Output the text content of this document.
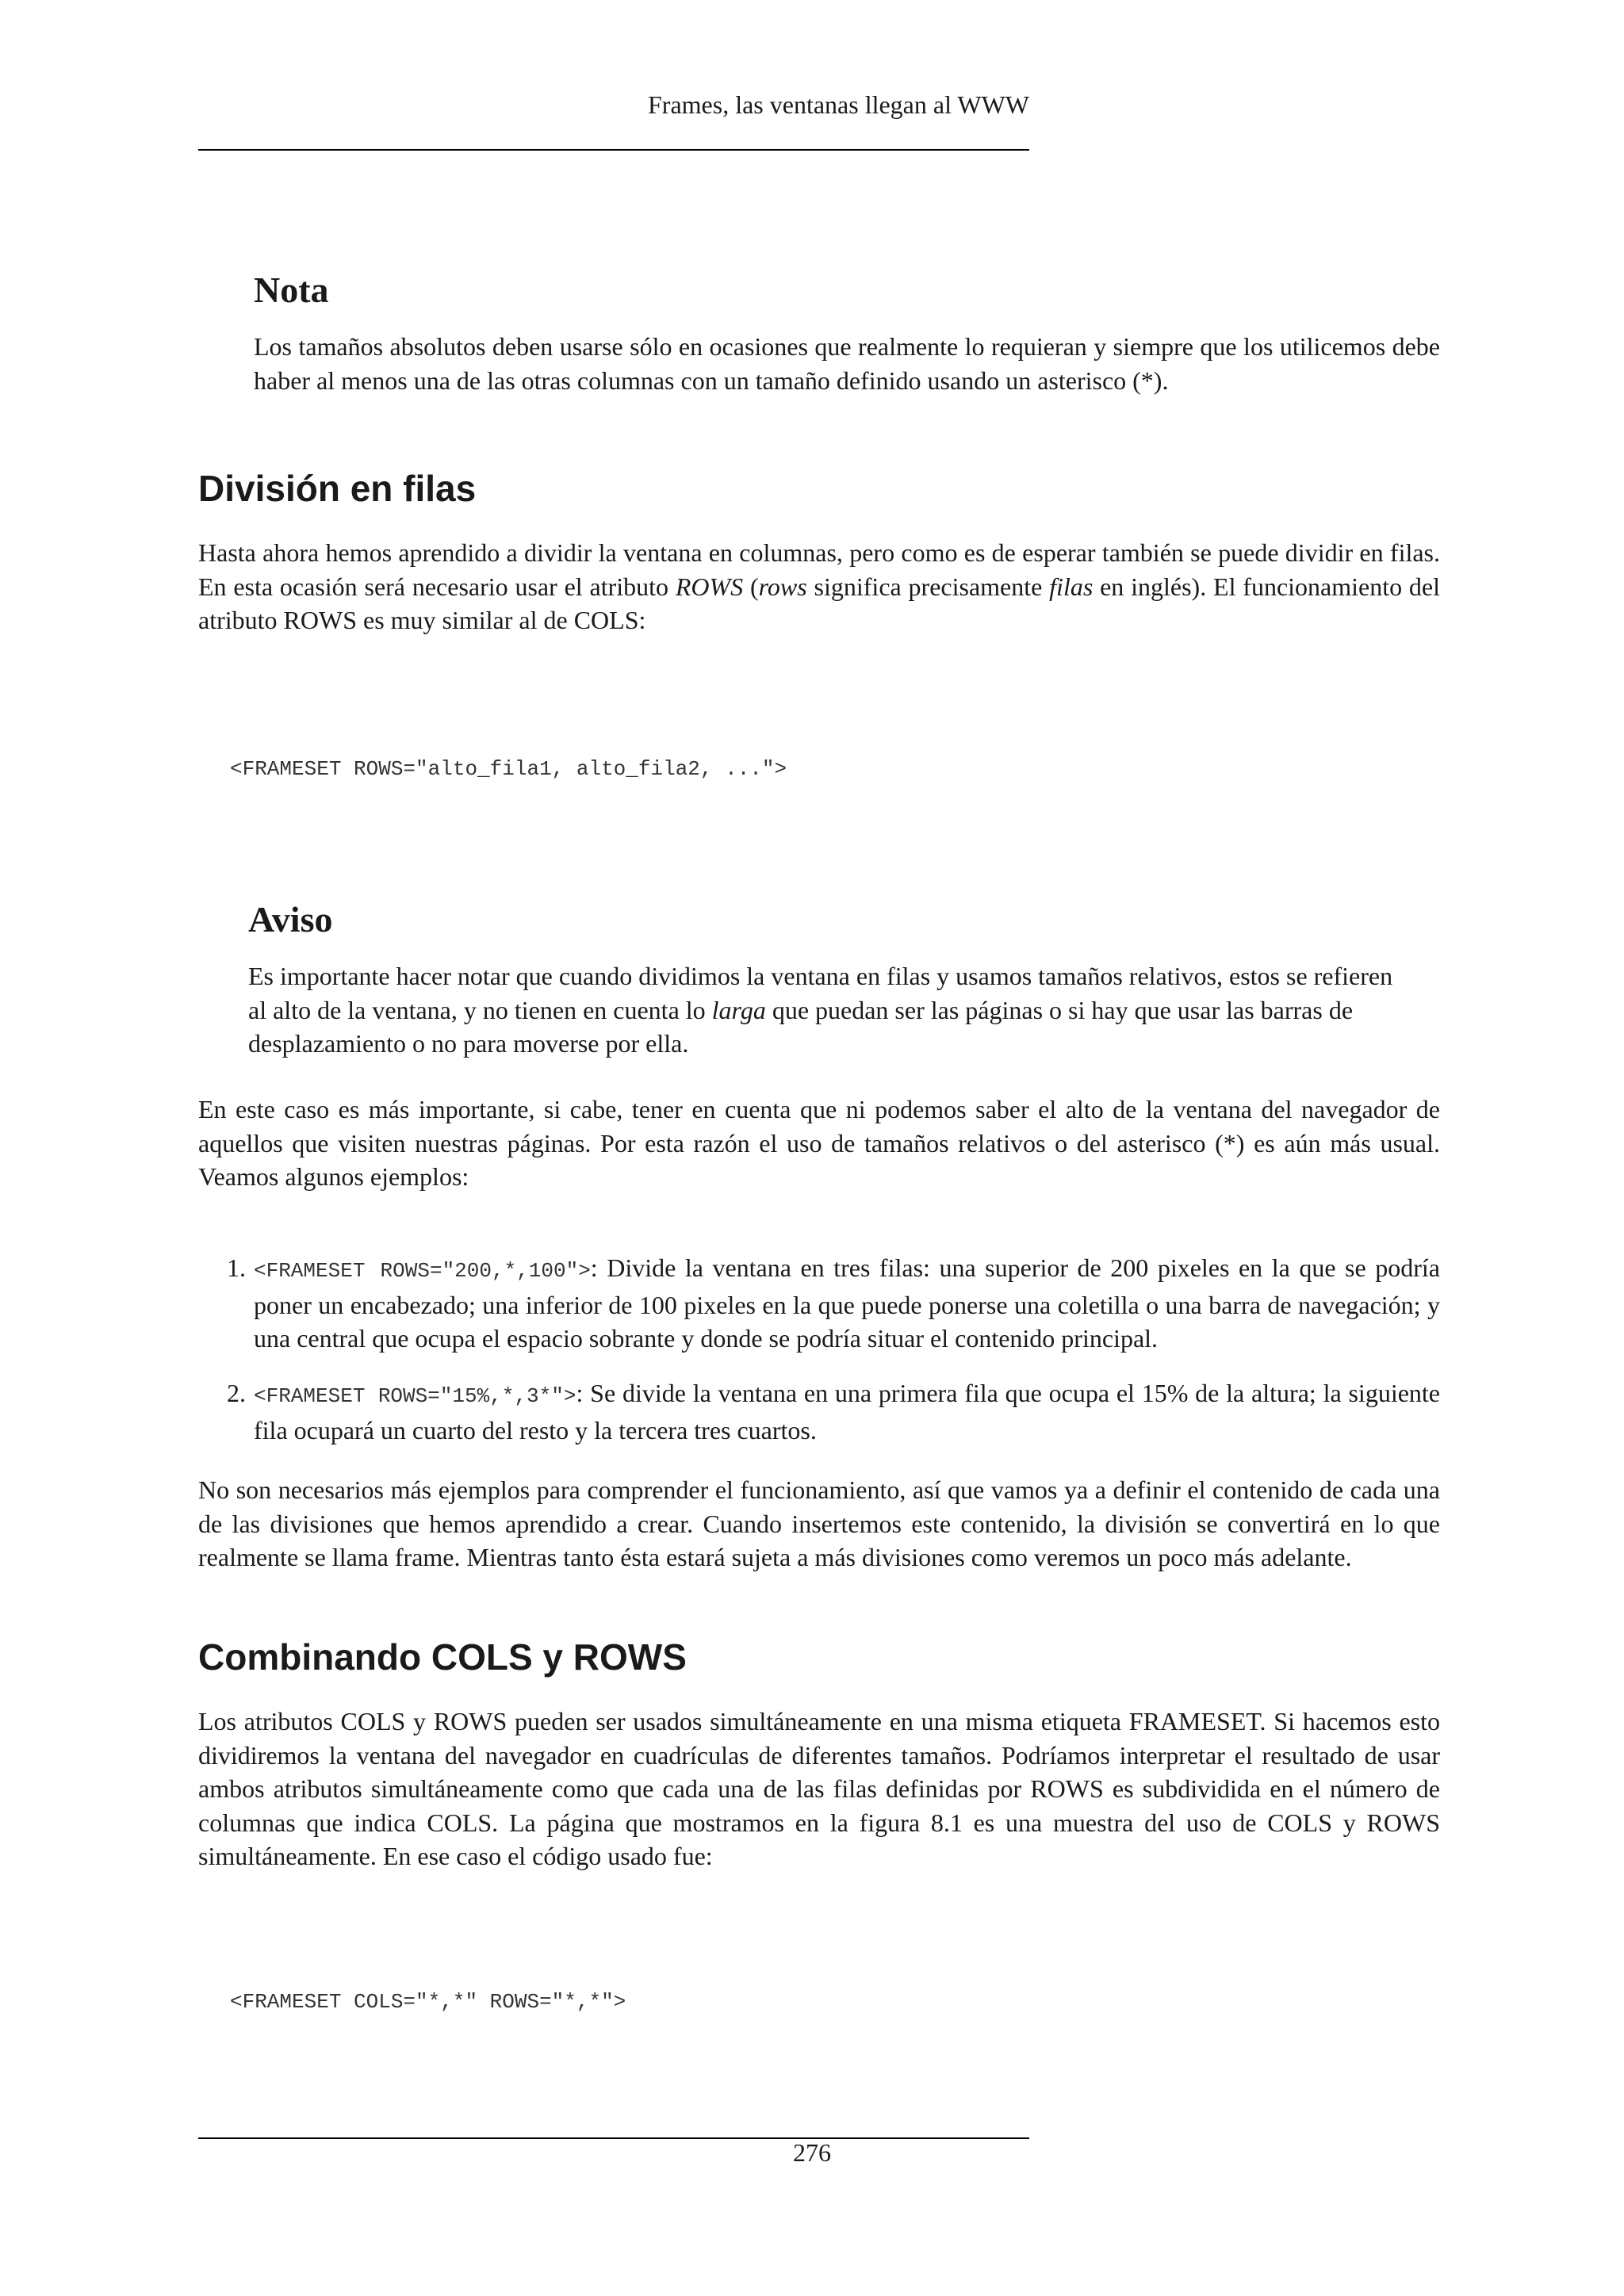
Frames, las ventanas llegan al WWW
Nota

Los tamaños absolutos deben usarse sólo en ocasiones que realmente lo requieran y siempre que los utilicemos debe haber al menos una de las otras columnas con un tamaño definido usando un asterisco (*).

División en filas

Hasta ahora hemos aprendido a dividir la ventana en columnas, pero como es de esperar también se puede dividir en filas. En esta ocasión será necesario usar el atributo ROWS (rows significa precisamente filas en inglés). El funcionamiento del atributo ROWS es muy similar al de COLS:

<FRAMESET ROWS="alto_fila1, alto_fila2, ...">
Aviso

Es importante hacer notar que cuando dividimos la ventana en filas y usamos tamaños relativos, estos se refieren al alto de la ventana, y no tienen en cuenta lo larga que puedan ser las páginas o si hay que usar las barras de desplazamiento o no para moverse por ella.

En este caso es más importante, si cabe, tener en cuenta que ni podemos saber el alto de la ventana del navegador de aquellos que visiten nuestras páginas. Por esta razón el uso de tamaños relativos o del asterisco (*) es aún más usual. Veamos algunos ejemplos:

1. <FRAMESET ROWS="200,*,100">: Divide la ventana en tres filas: una superior de 200 pixeles en la que se podría poner un encabezado; una inferior de 100 pixeles en la que puede ponerse una coletilla o una barra de navegación; y una central que ocupa el espacio sobrante y donde se podría situar el contenido principal.
2. <FRAMESET ROWS="15%,*,3*">: Se divide la ventana en una primera fila que ocupa el 15% de la altura; la siguiente fila ocupará un cuarto del resto y la tercera tres cuartos.

No son necesarios más ejemplos para comprender el funcionamiento, así que vamos ya a definir el contenido de cada una de las divisiones que hemos aprendido a crear. Cuando insertemos este contenido, la división se convertirá en lo que realmente se llama frame. Mientras tanto ésta estará sujeta a más divisiones como veremos un poco más adelante.

Combinando COLS y ROWS

Los atributos COLS y ROWS pueden ser usados simultáneamente en una misma etiqueta FRAMESET. Si hacemos esto dividiremos la ventana del navegador en cuadrículas de diferentes tamaños. Podríamos interpretar el resultado de usar ambos atributos simultáneamente como que cada una de las filas definidas por ROWS es subdividida en el número de columnas que indica COLS. La página que mostramos en la figura 8.1 es una muestra del uso de COLS y ROWS simultáneamente. En ese caso el código usado fue:

<FRAMESET COLS="*,*" ROWS="*,*">
276
